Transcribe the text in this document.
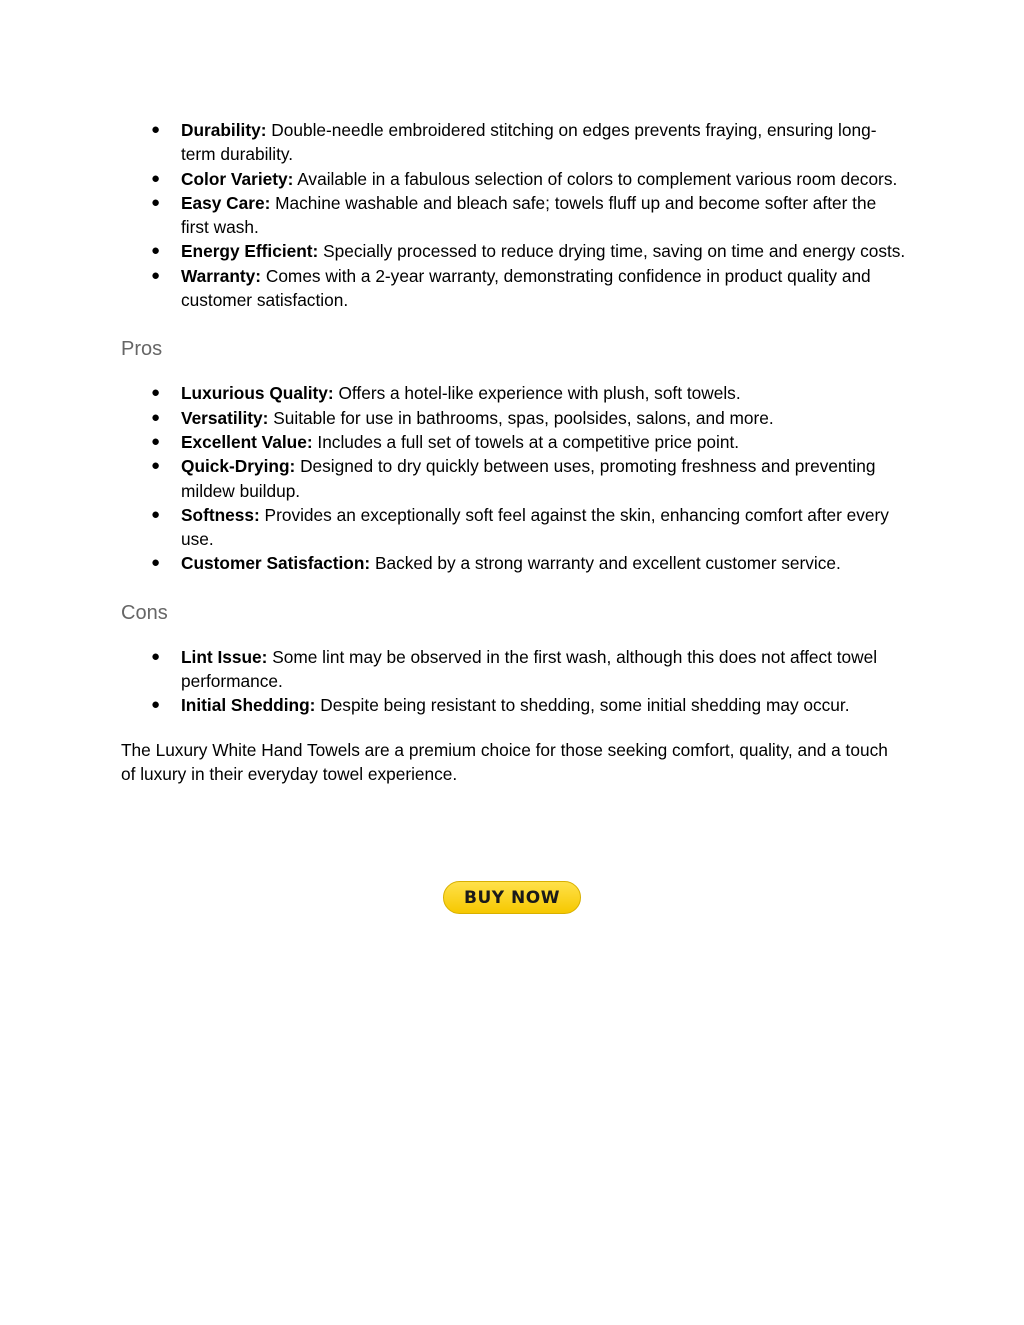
● Durability: Double-needle embroidered stitching on edges prevents fraying, ensuring long-term durability.
● Color Variety: Available in a fabulous selection of colors to complement various room decors.
● Easy Care: Machine washable and bleach safe; towels fluff up and become softer after the first wash.
● Energy Efficient: Specially processed to reduce drying time, saving on time and energy costs.
● Warranty: Comes with a 2-year warranty, demonstrating confidence in product quality and customer satisfaction.
Pros
● Luxurious Quality: Offers a hotel-like experience with plush, soft towels.
● Versatility: Suitable for use in bathrooms, spas, poolsides, salons, and more.
● Excellent Value: Includes a full set of towels at a competitive price point.
● Quick-Drying: Designed to dry quickly between uses, promoting freshness and preventing mildew buildup.
● Softness: Provides an exceptionally soft feel against the skin, enhancing comfort after every use.
● Customer Satisfaction: Backed by a strong warranty and excellent customer service.
Cons
● Lint Issue: Some lint may be observed in the first wash, although this does not affect towel performance.
● Initial Shedding: Despite being resistant to shedding, some initial shedding may occur.

The Luxury White Hand Towels are a premium choice for those seeking comfort, quality, and a touch of luxury in their everyday towel experience.

BUY NOW
